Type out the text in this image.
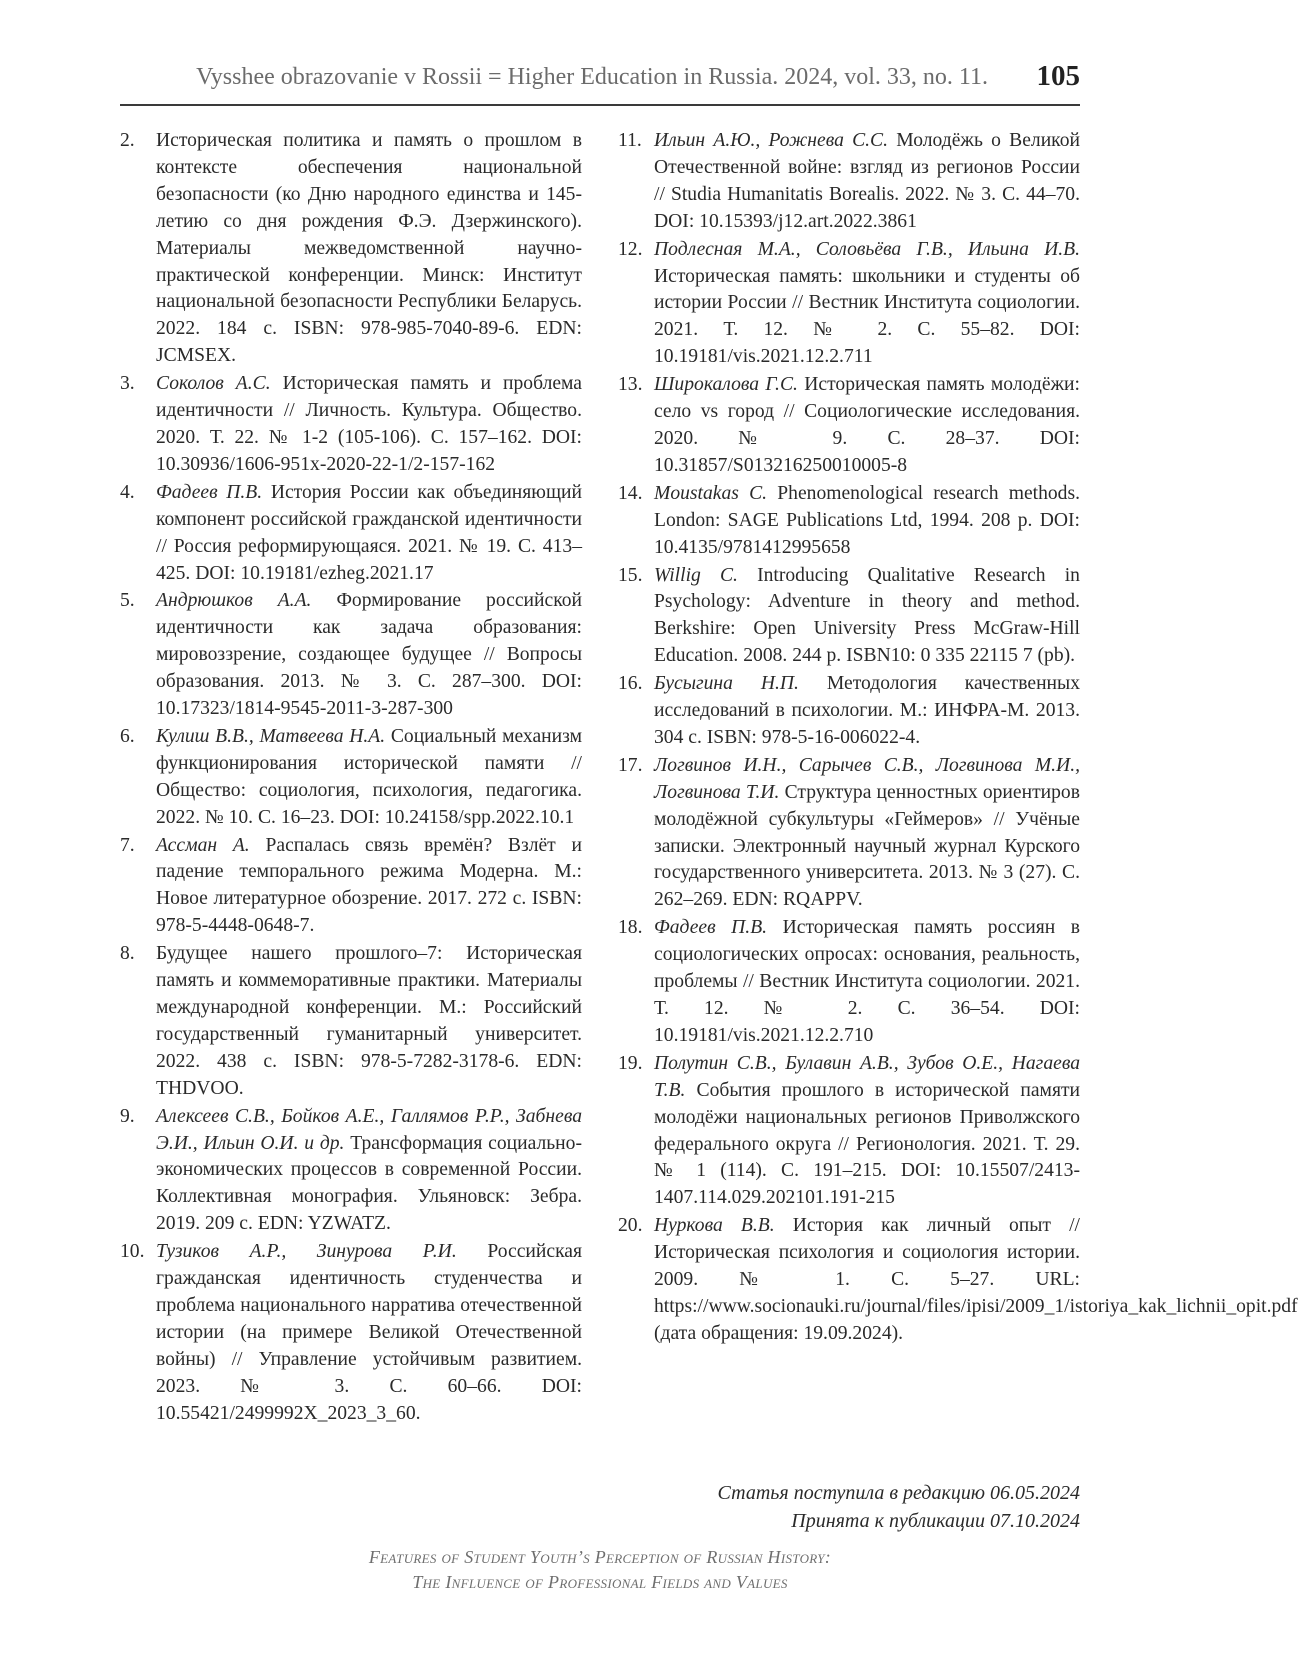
Vysshee obrazovanie v Rossii = Higher Education in Russia. 2024, vol. 33, no. 11. 105
2. Историческая политика и память о прошлом в контексте обеспечения национальной безопасности (ко Дню народного единства и 145-летию со дня рождения Ф.Э. Дзержинского). Материалы межведомственной научно-практической конференции. Минск: Институт национальной безопасности Республики Беларусь. 2022. 184 с. ISBN: 978-985-7040-89-6. EDN: JCMSEX.
3. Соколов А.С. Историческая память и проблема идентичности // Личность. Культура. Общество. 2020. Т. 22. № 1-2 (105-106). С. 157–162. DOI: 10.30936/1606-951x-2020-22-1/2-157-162
4. Фадеев П.В. История России как объединяющий компонент российской гражданской идентичности // Россия реформирующаяся. 2021. № 19. С. 413–425. DOI: 10.19181/ezheg.2021.17
5. Андрюшков А.А. Формирование российской идентичности как задача образования: мировоззрение, создающее будущее // Вопросы образования. 2013. № 3. С. 287–300. DOI: 10.17323/1814-9545-2011-3-287-300
6. Кулиш В.В., Матвеева Н.А. Социальный механизм функционирования исторической памяти // Общество: социология, психология, педагогика. 2022. № 10. С. 16–23. DOI: 10.24158/spp.2022.10.1
7. Ассман А. Распалась связь времён? Взлёт и падение темпорального режима Модерна. М.: Новое литературное обозрение. 2017. 272 с. ISBN: 978-5-4448-0648-7.
8. Будущее нашего прошлого–7: Историческая память и коммеморативные практики. Материалы международной конференции. М.: Российский государственный гуманитарный университет. 2022. 438 с. ISBN: 978-5-7282-3178-6. EDN: THDVOO.
9. Алексеев С.В., Бойков А.Е., Галлямов Р.Р., Забнева Э.И., Ильин О.И. и др. Трансформация социально-экономических процессов в современной России. Коллективная монография. Ульяновск: Зебра. 2019. 209 с. EDN: YZWATZ.
10. Тузиков А.Р., Зинурова Р.И. Российская гражданская идентичность студенчества и проблема национального нарратива отечественной истории (на примере Великой Отечественной войны) // Управление устойчивым развитием. 2023. № 3. С. 60–66. DOI: 10.55421/2499992X_2023_3_60.
11. Ильин А.Ю., Рожнева С.С. Молодёжь о Великой Отечественной войне: взгляд из регионов России // Studia Humanitatis Borealis. 2022. № 3. С. 44–70. DOI: 10.15393/j12.art.2022.3861
12. Подлесная М.А., Соловьёва Г.В., Ильина И.В. Историческая память: школьники и студенты об истории России // Вестник Института социологии. 2021. Т. 12. № 2. С. 55–82. DOI: 10.19181/vis.2021.12.2.711
13. Широкалова Г.С. Историческая память молодёжи: село vs город // Социологические исследования. 2020. № 9. С. 28–37. DOI: 10.31857/S013216250010005-8
14. Moustakas C. Phenomenological research methods. London: SAGE Publications Ltd, 1994. 208 p. DOI: 10.4135/9781412995658
15. Willig C. Introducing Qualitative Research in Psychology: Adventure in theory and method. Berkshire: Open University Press McGraw-Hill Education. 2008. 244 p. ISBN10: 0 335 22115 7 (pb).
16. Бусыгина Н.П. Методология качественных исследований в психологии. М.: ИНФРА-М. 2013. 304 с. ISBN: 978-5-16-006022-4.
17. Логвинов И.Н., Сарычев С.В., Логвинова М.И., Логвинова Т.И. Структура ценностных ориентиров молодёжной субкультуры «Геймеров» // Учёные записки. Электронный научный журнал Курского государственного университета. 2013. № 3 (27). С. 262–269. EDN: RQAPPV.
18. Фадеев П.В. Историческая память россиян в социологических опросах: основания, реальность, проблемы // Вестник Института социологии. 2021. Т. 12. № 2. С. 36–54. DOI: 10.19181/vis.2021.12.2.710
19. Полутин С.В., Булавин А.В., Зубов О.Е., Нагаева Т.В. События прошлого в исторической памяти молодёжи национальных регионов Приволжского федерального округа // Регионология. 2021. Т. 29. № 1 (114). С. 191–215. DOI: 10.15507/2413-1407.114.029.202101.191-215
20. Нуркова В.В. История как личный опыт // Историческая психология и социология истории. 2009. № 1. С. 5–27. URL: https://www.socionauki.ru/journal/files/ipisi/2009_1/istoriya_kak_lichnii_opit.pdf (дата обращения: 19.09.2024).
Статья поступила в редакцию 06.05.2024
Принята к публикации 07.10.2024
Features of Student Youth’s Perception of Russian History:
The Influence of Professional Fields and Values
